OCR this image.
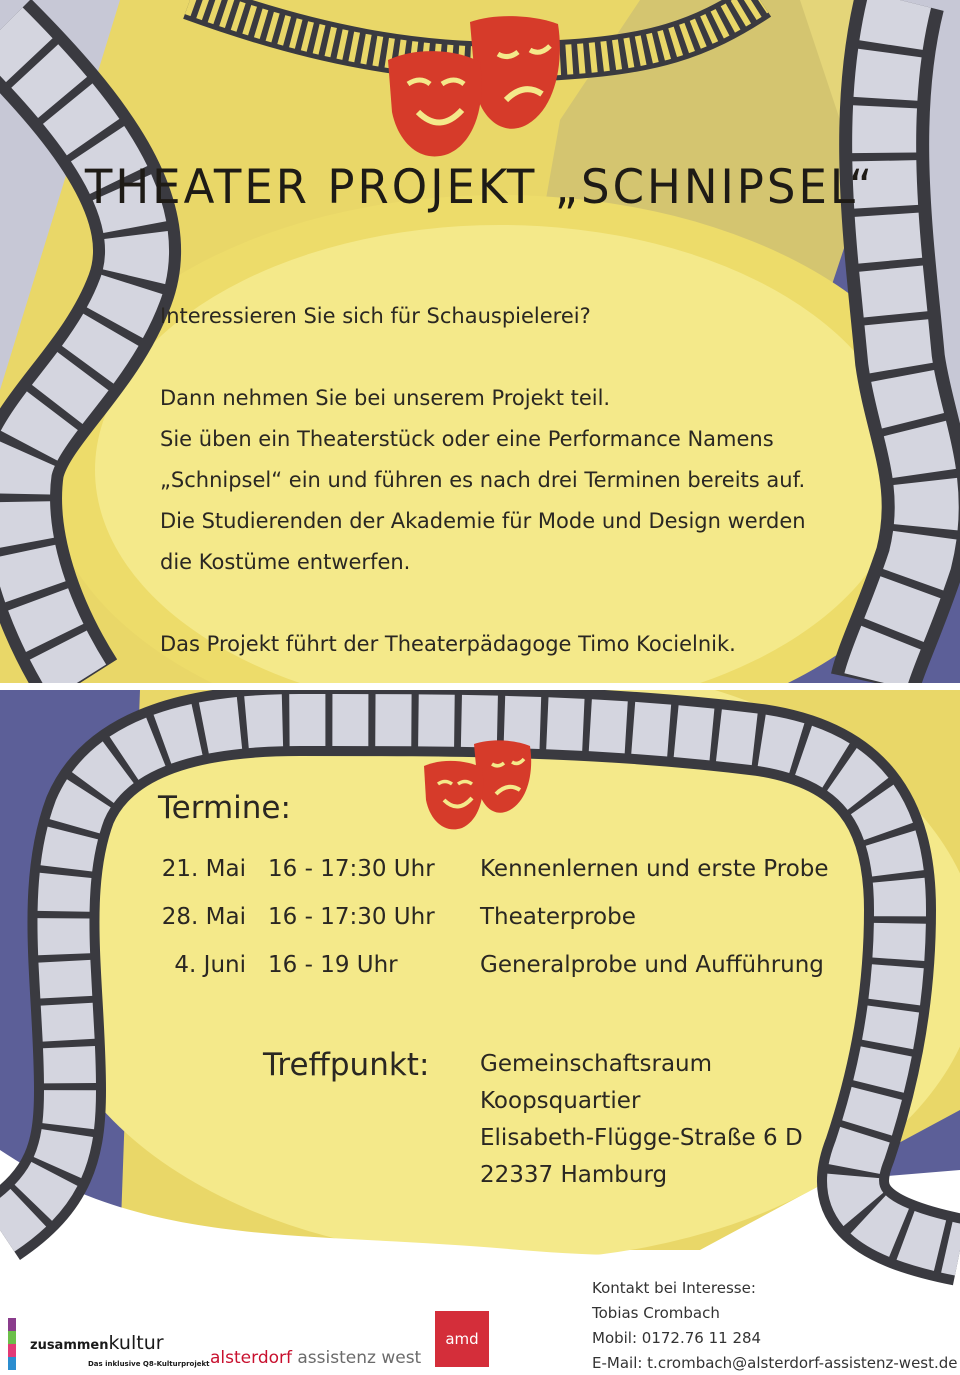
THEATER PROJEKT „SCHNIPSEL“

Interessieren Sie sich für Schauspielerei?

Dann nehmen Sie bei unserem Projekt teil.

Sie üben ein Theaterstück oder eine Performance Namens

„Schnipsel“ ein und führen es nach drei Terminen bereits auf.

Die Studierenden der Akademie für Mode und Design werden

die Kostüme entwerfen.

Das Projekt führt der Theaterpädagoge Timo Kocielnik.

Termine:
21. Mai 16 - 17:30 Uhr Kennenlernen und erste Probe
28. Mai 16 - 17:30 Uhr Theaterprobe
4. Juni 16 - 19 Uhr	Generalprobe und Aufführung
Treffpunkt: Gemeinschaftsraum
Koopsquartier
Elisabeth-Flügge-Straße 6 D
22337 Hamburg
Kontakt bei Interesse:
Tobias Crombach
Mobil: 0172.76 11 284
E-Mail: t.crombach@alsterdorf-assistenz-west.de
zusammenkultur
Das inklusive Q8-Kulturprojekt alsterdorf assistenz west
amd
